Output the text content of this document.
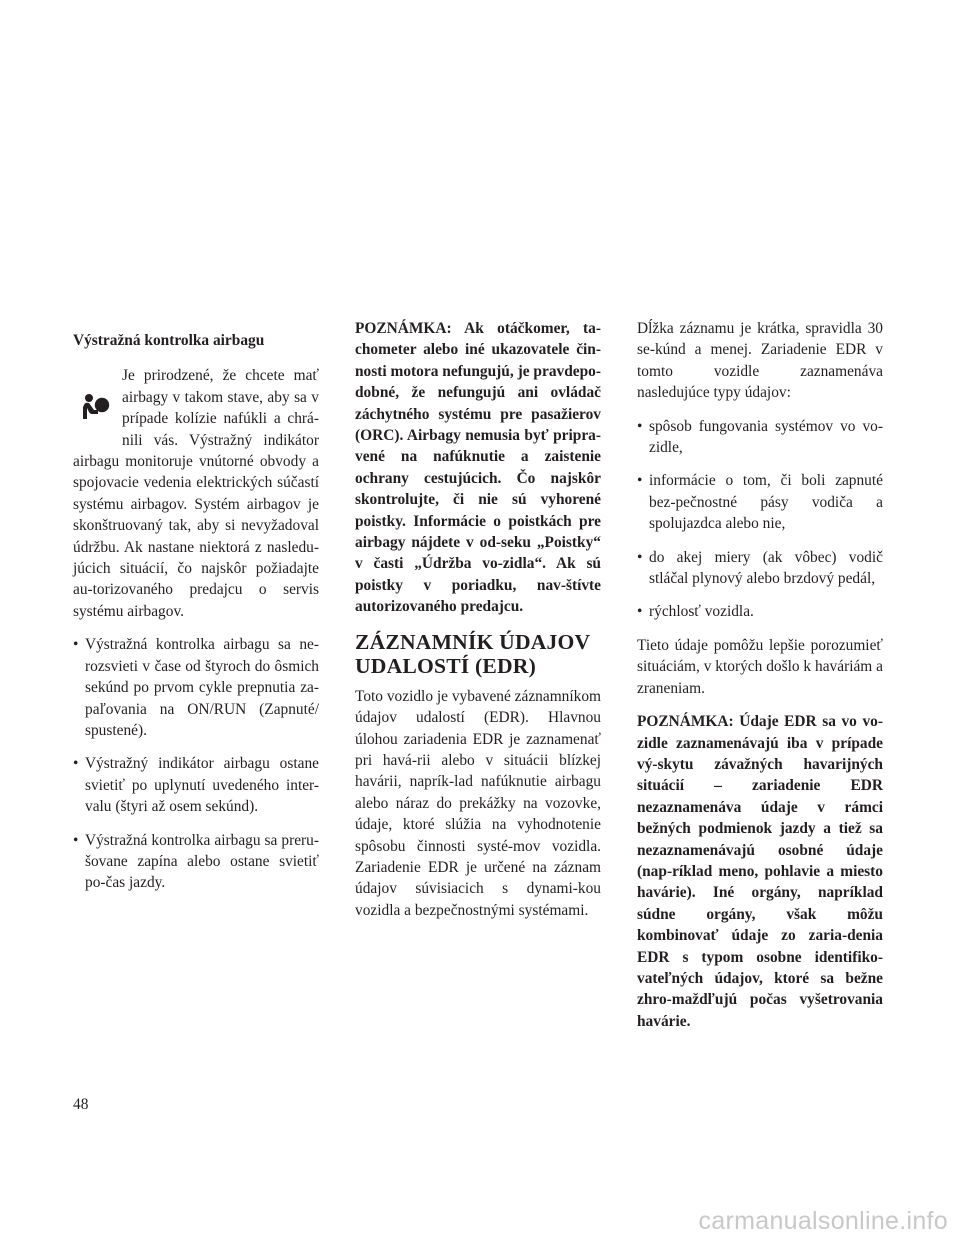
Výstražná kontrolka airbagu

Je prirodzené, že chcete mať airbagy v takom stave, aby sa v prípade kolízie nafúkli a chrá-nili vás. Výstražný indikátor airbagu monitoruje vnútorné obvody a spojovacie vedenia elektrických súčastí systému airbagov. Systém airbagov je skonštruovaný tak, aby si nevyžadoval údržbu. Ak nastane niektorá z nasledu-júcich situácií, čo najskôr požiadajte au-torizovaného predajcu o servis systému airbagov.

• Výstražná kontrolka airbagu sa ne-rozsvieti v čase od štyroch do ôsmich sekúnd po prvom cykle prepnutia za-paľovania na ON/RUN (Zapnuté/ spustené).
• Výstražný indikátor airbagu ostane svietiť po uplynutí uvedeného inter-valu (štyri až osem sekúnd).
• Výstražná kontrolka airbagu sa preru-šovane zapína alebo ostane svietiť po-čas jazdy.

POZNÁMKA: Ak otáčkomer, ta-chometer alebo iné ukazovatele čin-nosti motora nefungujú, je pravdepo-dobné, že nefungujú ani ovládač záchytného systému pre pasažierov (ORC). Airbagy nemusia byť pripra-vené na nafúknutie a zaistenie ochrany cestujúcich. Čo najskôr skontrolujte, či nie sú vyhorené poistky. Informácie o poistkách pre airbagy nájdete v od-seku „Poistky“ v časti „Údržba vo-zidla“. Ak sú poistky v poriadku, nav-štívte autorizovaného predajcu.

ZÁZNAMNÍK ÚDAJOV
UDALOSTÍ (EDR)

Toto vozidlo je vybavené záznamníkom údajov udalostí (EDR). Hlavnou úlohou zariadenia EDR je zaznamenať pri havá-rii alebo v situácii blízkej havárii, naprík-lad nafúknutie airbagu alebo náraz do prekážky na vozovke, údaje, ktoré slúžia na vyhodnotenie spôsobu činnosti systé-mov vozidla. Zariadenie EDR je určené na záznam údajov súvisiacich s dynami-kou vozidla a bezpečnostnými systémami.

Dĺžka záznamu je krátka, spravidla 30 se-kúnd a menej. Zariadenie EDR v tomto vozidle zaznamenáva nasledujúce typy údajov:

• spôsob fungovania systémov vo vo-zidle,
• informácie o tom, či boli zapnuté bez-pečnostné pásy vodiča a spolujazdca alebo nie,
• do akej miery (ak vôbec) vodič stláčal plynový alebo brzdový pedál,
• rýchlosť vozidla.

Tieto údaje pomôžu lepšie porozumieť situáciám, v ktorých došlo k haváriám a zraneniam.

POZNÁMKA: Údaje EDR sa vo vo-zidle zaznamenávajú iba v prípade vý-skytu závažných havarijných situácií – zariadenie EDR nezaznamenáva údaje v rámci bežných podmienok jazdy a tiež sa nezaznamenávajú osobné údaje (nap-ríklad meno, pohlavie a miesto havárie). Iné orgány, napríklad súdne orgány, však môžu kombinovať údaje zo zaria-denia EDR s typom osobne identifiko-vateľných údajov, ktoré sa bežne zhro-maždľujú počas vyšetrovania havárie.

48
carmanualsonline.info
